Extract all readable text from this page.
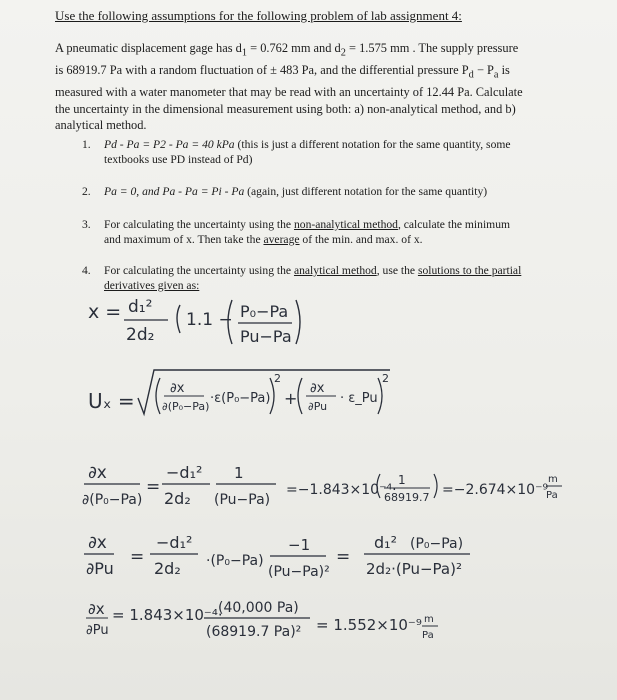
Use the following assumptions for the following problem of lab assignment 4:
A pneumatic displacement gage has $d_1 = 0.762$ mm and $d_2 = 1.575$ mm . The supply pressure
is 68919.7 Pa with a random fluctuation of ± 483 Pa, and the differential pressure $P_d - P_a$ is
measured with a water manometer that may be read with an uncertainty of 12.44 Pa. Calculate
the uncertainty in the dimensional measurement using both: a) non-analytical method, and b)
analytical method.
1. Pd - Pa = P2 - Pa = 40 kPa (this is just a different notation for the same quantity, some
textbooks use PD instead of Pd)
2. Pa = 0, and Pa - Pa = Pi - Pa (again, just different notation for the same quantity)
3. For calculating the uncertainty using the non-analytical method, calculate the minimum
and maximum of x. Then take the average of the min. and max. of x.
4. For calculating the uncertainty using the analytical method, use the solutions to the partial
derivatives given as:
x = d₁²
2d₂
1.1 − P₀−Pa
Pu−Pa
Uₓ =
∂x
∂(P₀−Pa)
·ε(P₀−Pa)
2
+
∂x
∂Pu
· ε_Pu
2
∂x
∂(P₀−Pa)
=
−d₁²
2d₂
1
(Pu−Pa)
=−1.843×10⁻⁴·
1
68919.7 =−2.674×10⁻⁹
m
Pa
∂x
∂Pu
=
−d₁²
2d₂ ·(P₀−Pa)
−1
(Pu−Pa)²
=
d₁² (P₀−Pa)
2d₂·(Pu−Pa)²
∂x
∂Pu
= 1.843×10⁻⁴·
(40,000 Pa)
(68919.7 Pa)² = 1.552×10⁻⁹ m
Pa
